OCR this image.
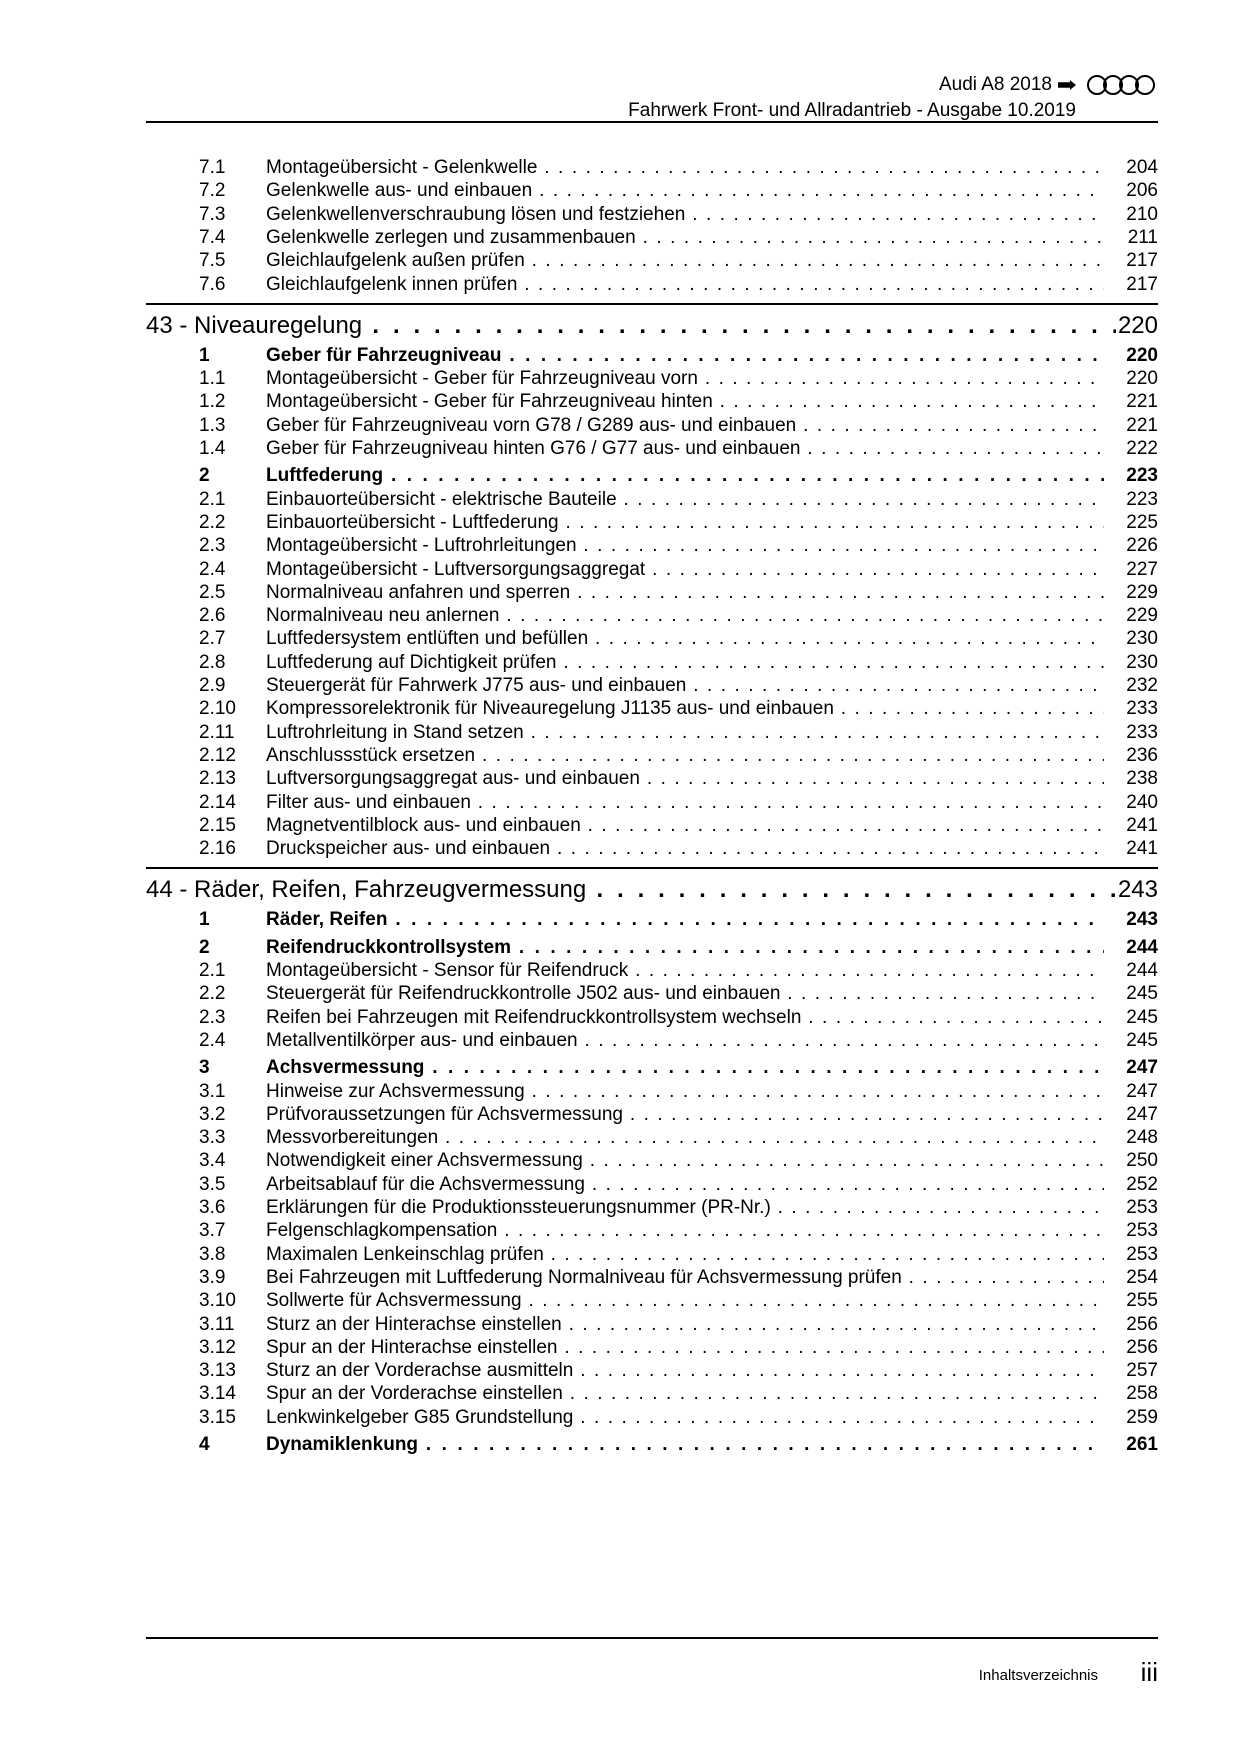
Audi A8 2018
Fahrwerk Front- und Allradantrieb - Ausgabe 10.2019
7.1 Montageübersicht - Gelenkwelle . . .	204
7.2 Gelenkwelle aus- und einbauen . . .	206
7.3 Gelenkwellenverschraubung lösen und festziehen . . .	210
7.4 Gelenkwelle zerlegen und zusammenbauen . . .	211
7.5 Gleichlaufgelenk außen prüfen . . .	217
7.6 Gleichlaufgelenk innen prüfen . . .	217
43 - Niveauregelung . . .	220
1	Geber für Fahrzeugniveau . . .	220
1.1 Montageübersicht - Geber für Fahrzeugniveau vorn . . .	220
1.2 Montageübersicht - Geber für Fahrzeugniveau hinten . . .	221
1.3 Geber für Fahrzeugniveau vorn G78 / G289 aus- und einbauen . . .	221
1.4 Geber für Fahrzeugniveau hinten G76 / G77 aus- und einbauen . . .	222
2	Luftfederung . . .	223
2.1 Einbauorteübersicht - elektrische Bauteile . . .	223
2.2 Einbauorteübersicht - Luftfederung . . .	225
2.3 Montageübersicht - Luftrohrleitungen . . .	226
2.4 Montageübersicht - Luftversorgungsaggregat . . .	227
2.5 Normalniveau anfahren und sperren . . .	229
2.6 Normalniveau neu anlernen . . .	229
2.7 Luftfedersystem entlüften und befüllen . . .	230
2.8 Luftfederung auf Dichtigkeit prüfen . . .	230
2.9 Steuergerät für Fahrwerk J775 aus- und einbauen . . .	232
2.10 Kompressorelektronik für Niveauregelung J1135 aus- und einbauen . . .	233
2.11 Luftrohrleitung in Stand setzen . . .	233
2.12 Anschlussstück ersetzen . . .	236
2.13 Luftversorgungsaggregat aus- und einbauen . . .	238
2.14 Filter aus- und einbauen . . .	240
2.15 Magnetventilblock aus- und einbauen . . .	241
2.16 Druckspeicher aus- und einbauen . . .	241
44 - Räder, Reifen, Fahrzeugvermessung . . .	243
1	Räder, Reifen . . .	243
2	Reifendruckkontrollsystem . . .	244
2.1 Montageübersicht - Sensor für Reifendruck . . .	244
2.2 Steuergerät für Reifendruckkontrolle J502 aus- und einbauen . . .	245
2.3 Reifen bei Fahrzeugen mit Reifendruckkontrollsystem wechseln . . .	245
2.4 Metallventilkörper aus- und einbauen . . .	245
3	Achsvermessung . . .	247
3.1 Hinweise zur Achsvermessung . . .	247
3.2 Prüfvoraussetzungen für Achsvermessung . . .	247
3.3 Messvorbereitungen . . .	248
3.4 Notwendigkeit einer Achsvermessung . . .	250
3.5 Arbeitsablauf für die Achsvermessung . . .	252
3.6 Erklärungen für die Produktionssteuerungsnummer (PR-Nr.) . . .	253
3.7 Felgenschlagkompensation . . .	253
3.8 Maximalen Lenkeinschlag prüfen . . .	253
3.9 Bei Fahrzeugen mit Luftfederung Normalniveau für Achsvermessung prüfen . . .	254
3.10 Sollwerte für Achsvermessung . . .	255
3.11 Sturz an der Hinterachse einstellen . . .	256
3.12 Spur an der Hinterachse einstellen . . .	256
3.13 Sturz an der Vorderachse ausmitteln . . .	257
3.14 Spur an der Vorderachse einstellen . . .	258
3.15 Lenkwinkelgeber G85 Grundstellung . . .	259
4	Dynamiklenkung . . .	261
Inhaltsverzeichnis iii
